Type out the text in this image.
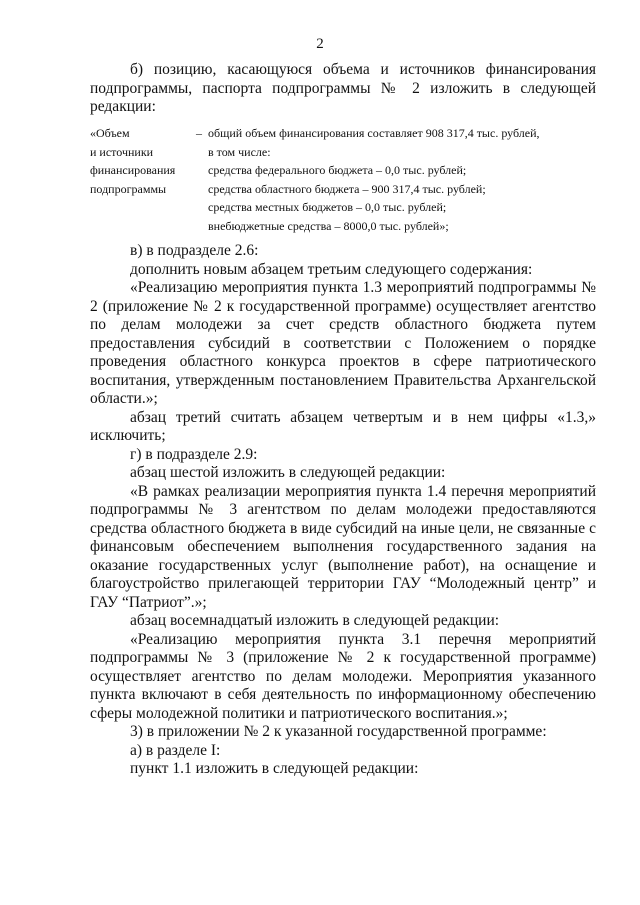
2

б) позицию, касающуюся объема и источников финансирования подпрограммы, паспорта подпрограммы № 2 изложить в следующей редакции:

«Объем
и источники
финансирования
подпрограммы
– общий объем финансирования составляет 908 317,4 тыс. рублей,
в том числе:
средства федерального бюджета – 0,0 тыс. рублей;
средства областного бюджета – 900 317,4 тыс. рублей;
средства местных бюджетов – 0,0 тыс. рублей;
внебюджетные средства – 8000,0 тыс. рублей»;

в) в подразделе 2.6:

дополнить новым абзацем третьим следующего содержания:

«Реализацию мероприятия пункта 1.3 мероприятий подпрограммы № 2 (приложение № 2 к государственной программе) осуществляет агентство по делам молодежи за счет средств областного бюджета путем предоставления субсидий в соответствии с Положением о порядке проведения областного конкурса проектов в сфере патриотического воспитания, утвержденным постановлением Правительства Архангельской области.»;

абзац третий считать абзацем четвертым и в нем цифры «1.3,» исключить;

г) в подразделе 2.9:

абзац шестой изложить в следующей редакции:

«В рамках реализации мероприятия пункта 1.4 перечня мероприятий подпрограммы № 3 агентством по делам молодежи предоставляются средства областного бюджета в виде субсидий на иные цели, не связанные с финансовым обеспечением выполнения государственного задания на оказание государственных услуг (выполнение работ), на оснащение и благоустройство прилегающей территории ГАУ “Молодежный центр” и ГАУ “Патриот”.»;

абзац восемнадцатый изложить в следующей редакции:

«Реализацию мероприятия пункта 3.1 перечня мероприятий подпрограммы № 3 (приложение № 2 к государственной программе) осуществляет агентство по делам молодежи. Мероприятия указанного пункта включают в себя деятельность по информационному обеспечению сферы молодежной политики и патриотического воспитания.»;

3) в приложении № 2 к указанной государственной программе:

а) в разделе I:

пункт 1.1 изложить в следующей редакции:
